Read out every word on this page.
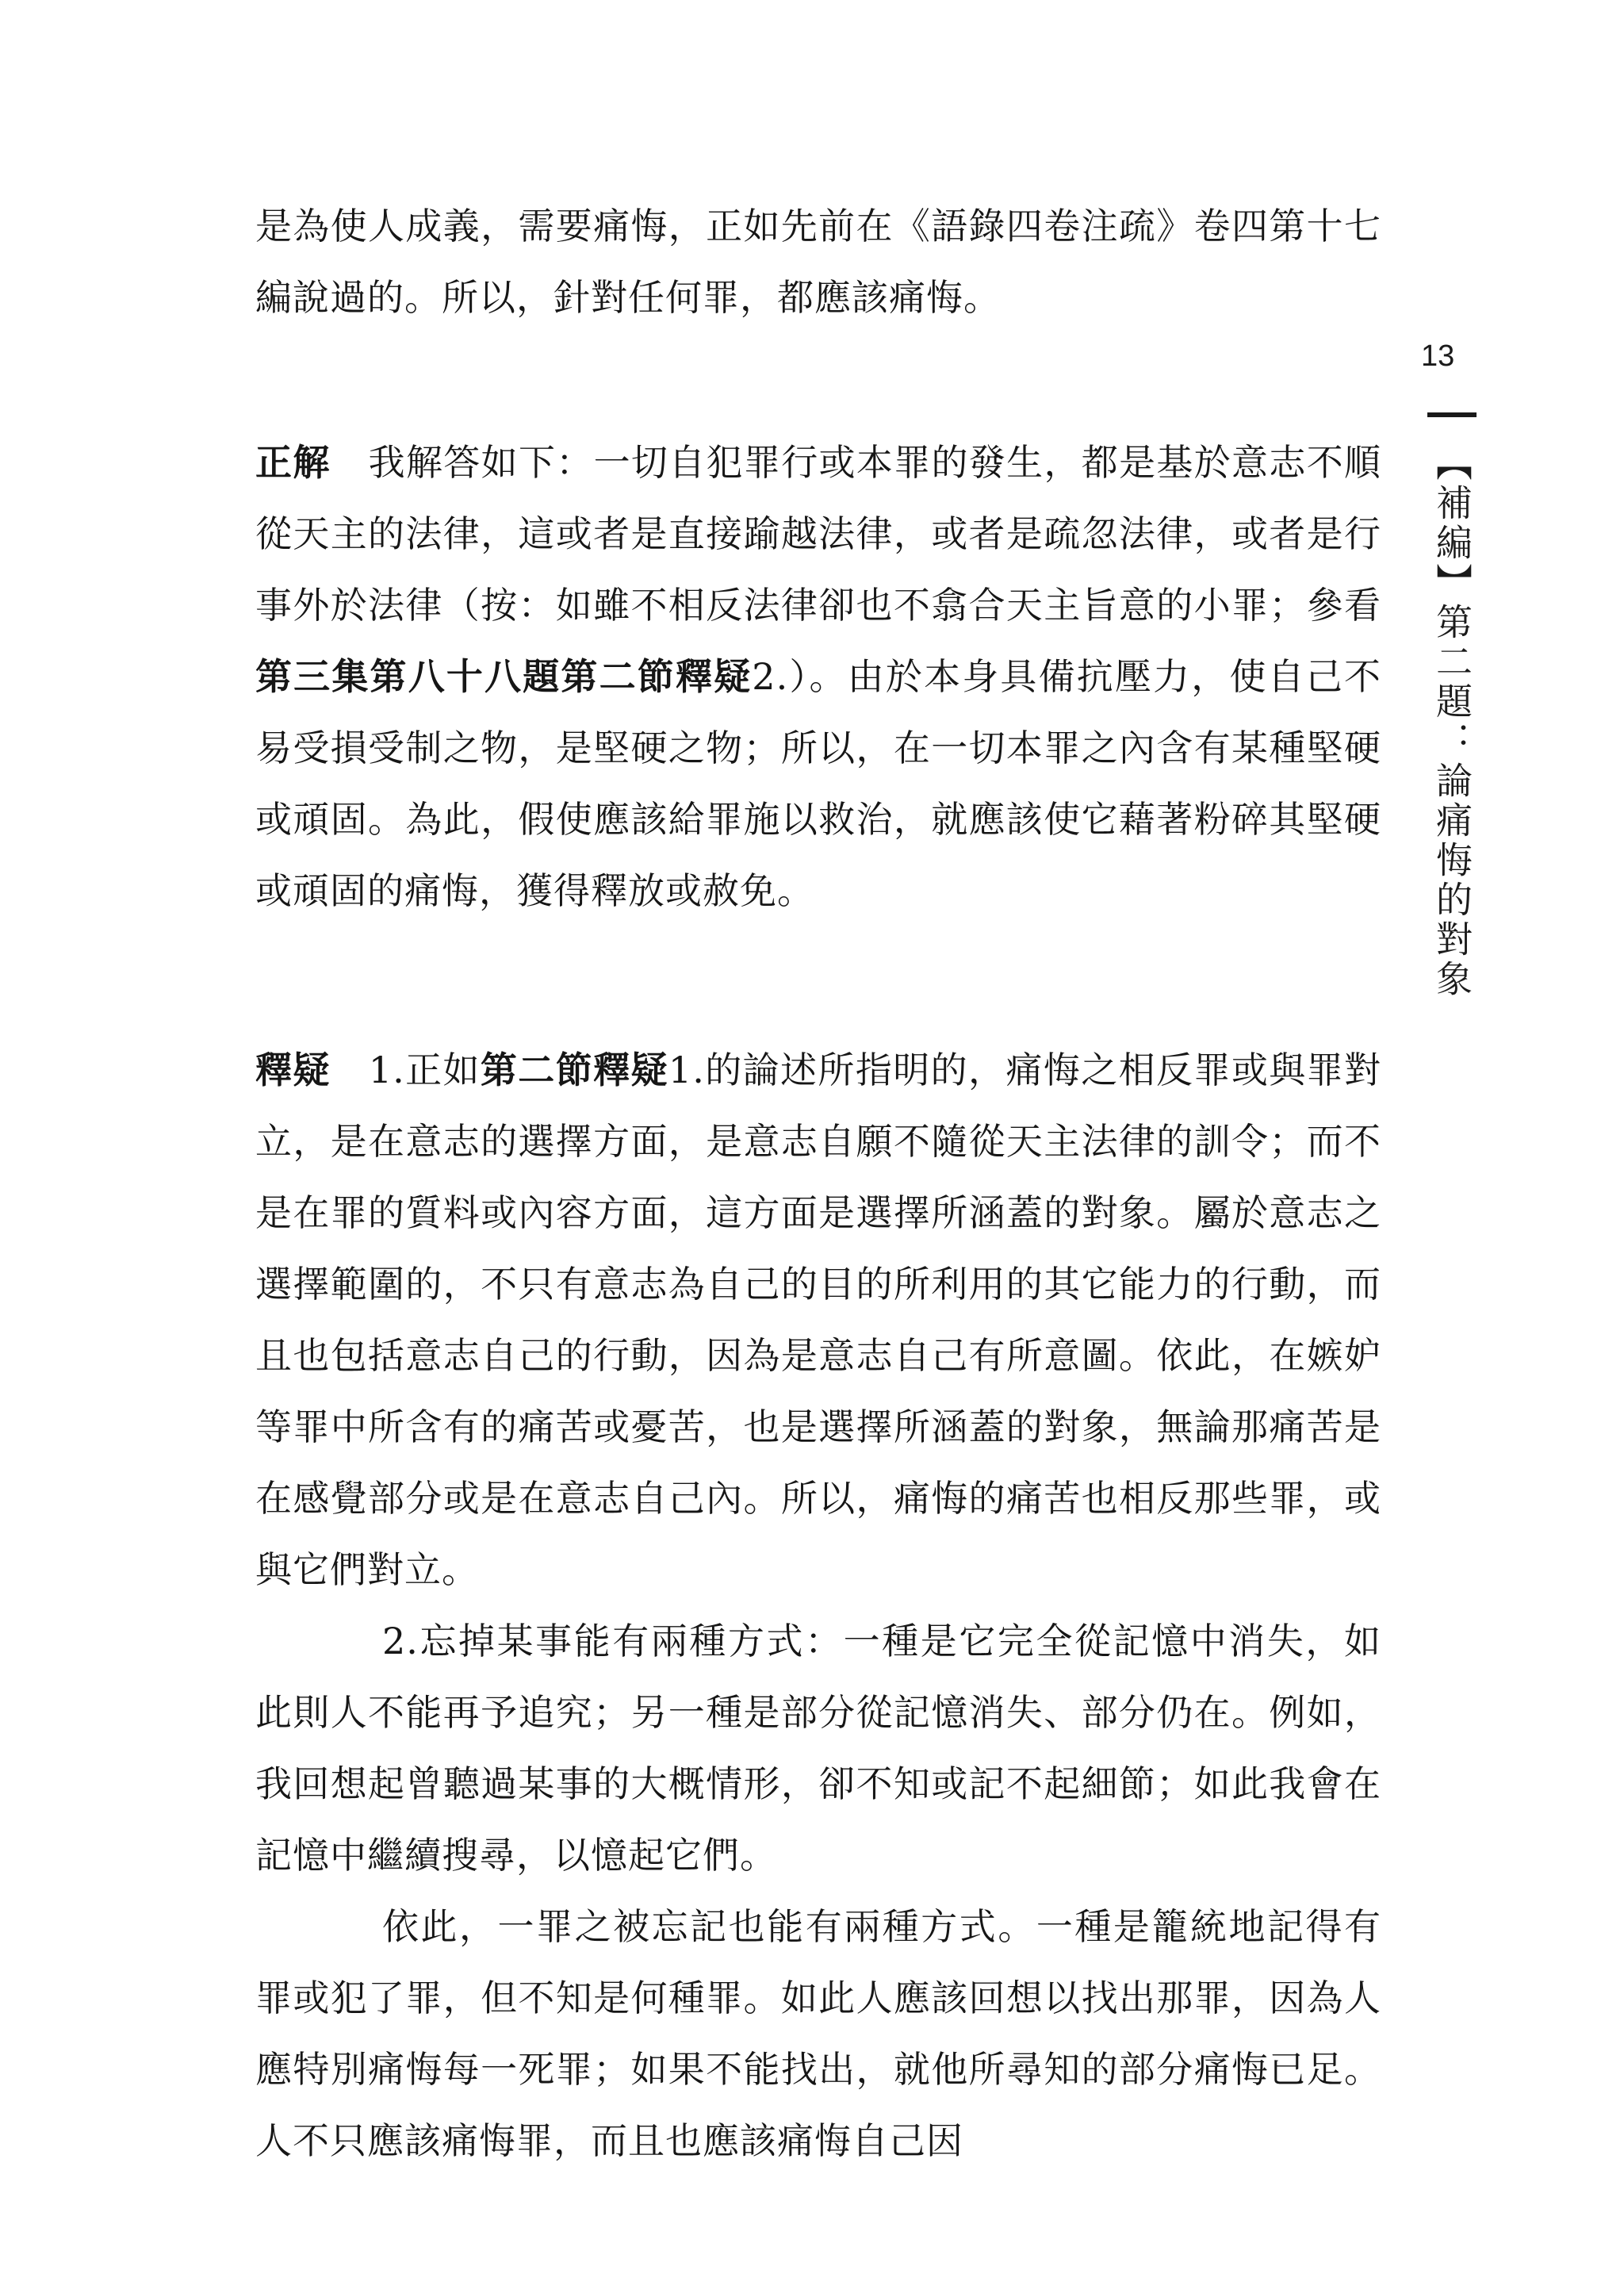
是為使人成義，需要痛悔，正如先前在《語錄四卷注疏》卷四第十七編說過的。所以，針對任何罪，都應該痛悔。

正解 我解答如下：一切自犯罪行或本罪的發生，都是基於意志不順從天主的法律，這或者是直接踰越法律，或者是疏忽法律，或者是行事外於法律（按：如雖不相反法律卻也不翕合天主旨意的小罪；參看第三集第八十八題第二節釋疑2.）。由於本身具備抗壓力，使自己不易受損受制之物，是堅硬之物；所以，在一切本罪之內含有某種堅硬或頑固。為此，假使應該給罪施以救治，就應該使它藉著粉碎其堅硬或頑固的痛悔，獲得釋放或赦免。

釋疑 1.正如第二節釋疑1.的論述所指明的，痛悔之相反罪或與罪對立，是在意志的選擇方面，是意志自願不隨從天主法律的訓令；而不是在罪的質料或內容方面，這方面是選擇所涵蓋的對象。屬於意志之選擇範圍的，不只有意志為自己的目的所利用的其它能力的行動，而且也包括意志自己的行動，因為是意志自己有所意圖。依此，在嫉妒等罪中所含有的痛苦或憂苦，也是選擇所涵蓋的對象，無論那痛苦是在感覺部分或是在意志自己內。所以，痛悔的痛苦也相反那些罪，或與它們對立。

2.忘掉某事能有兩種方式：一種是它完全從記憶中消失，如此則人不能再予追究；另一種是部分從記憶消失、部分仍在。例如，我回想起曾聽過某事的大概情形，卻不知或記不起細節；如此我會在記憶中繼續搜尋，以憶起它們。

依此，一罪之被忘記也能有兩種方式。一種是籠統地記得有罪或犯了罪，但不知是何種罪。如此人應該回想以找出那罪，因為人應特別痛悔每一死罪；如果不能找出，就他所尋知的部分痛悔已足。人不只應該痛悔罪，而且也應該痛悔自己因

13
【補編】第二題：論痛悔的對象
